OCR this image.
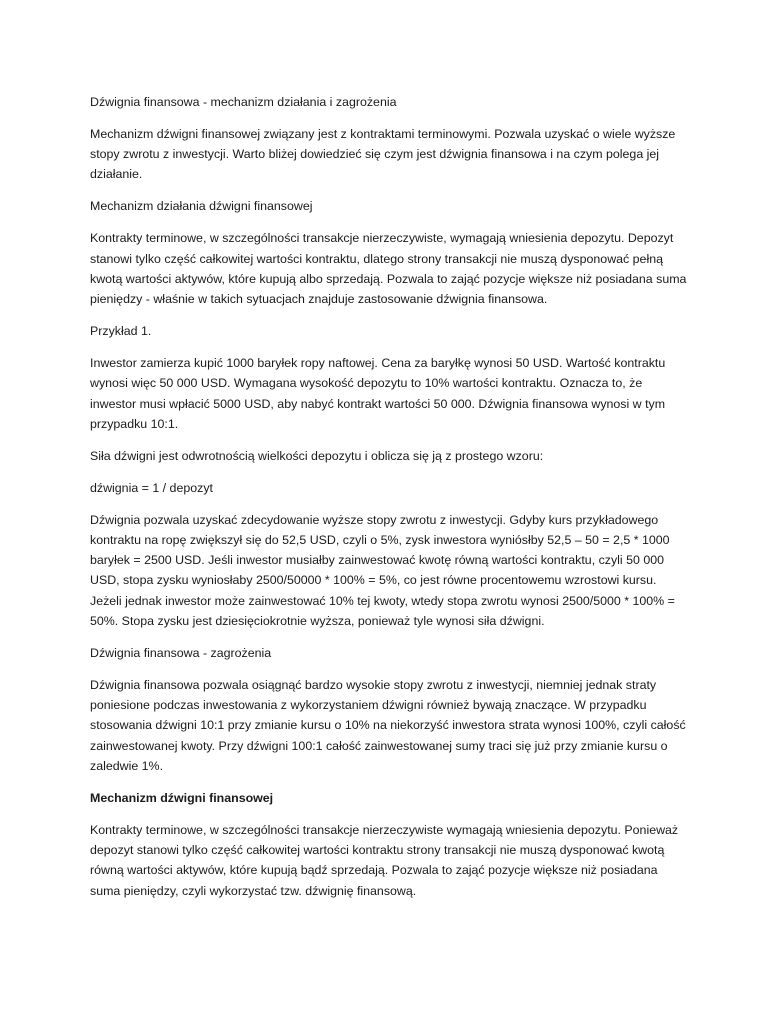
Dźwignia finansowa - mechanizm działania i zagrożenia

Mechanizm dźwigni finansowej związany jest z kontraktami terminowymi. Pozwala uzyskać o wiele wyższe stopy zwrotu z inwestycji. Warto bliżej dowiedzieć się czym jest dźwignia finansowa i na czym polega jej działanie.

Mechanizm działania dźwigni finansowej

Kontrakty terminowe, w szczególności transakcje nierzeczywiste, wymagają wniesienia depozytu. Depozyt stanowi tylko część całkowitej wartości kontraktu, dlatego strony transakcji nie muszą dysponować pełną kwotą wartości aktywów, które kupują albo sprzedają. Pozwala to zająć pozycje większe niż posiadana suma pieniędzy - właśnie w takich sytuacjach znajduje zastosowanie dźwignia finansowa.

Przykład 1.

Inwestor zamierza kupić 1000 baryłek ropy naftowej. Cena za baryłkę wynosi 50 USD. Wartość kontraktu wynosi więc 50 000 USD. Wymagana wysokość depozytu to 10% wartości kontraktu. Oznacza to, że inwestor musi wpłacić 5000 USD, aby nabyć kontrakt wartości 50 000. Dźwignia finansowa wynosi w tym przypadku 10:1.

Siła dźwigni jest odwrotnością wielkości depozytu i oblicza się ją z prostego wzoru:

dźwignia = 1 / depozyt

Dźwignia pozwala uzyskać zdecydowanie wyższe stopy zwrotu z inwestycji. Gdyby kurs przykładowego kontraktu na ropę zwiększył się do 52,5 USD, czyli o 5%, zysk inwestora wyniósłby 52,5 – 50 = 2,5 * 1000 baryłek = 2500 USD. Jeśli inwestor musiałby zainwestować kwotę równą wartości kontraktu, czyli 50 000 USD, stopa zysku wyniosłaby 2500/50000 * 100% = 5%, co jest równe procentowemu wzrostowi kursu. Jeżeli jednak inwestor może zainwestować 10% tej kwoty, wtedy stopa zwrotu wynosi 2500/5000 * 100% = 50%. Stopa zysku jest dziesięciokrotnie wyższa, ponieważ tyle wynosi siła dźwigni.

Dźwignia finansowa - zagrożenia

Dźwignia finansowa pozwala osiągnąć bardzo wysokie stopy zwrotu z inwestycji, niemniej jednak straty poniesione podczas inwestowania z wykorzystaniem dźwigni również bywają znaczące. W przypadku stosowania dźwigni 10:1 przy zmianie kursu o 10% na niekorzyść inwestora strata wynosi 100%, czyli całość zainwestowanej kwoty. Przy dźwigni 100:1 całość zainwestowanej sumy traci się już przy zmianie kursu o zaledwie 1%.

Mechanizm dźwigni finansowej

Kontrakty terminowe, w szczególności transakcje nierzeczywiste wymagają wniesienia depozytu. Ponieważ depozyt stanowi tylko część całkowitej wartości kontraktu strony transakcji nie muszą dysponować kwotą równą wartości aktywów, które kupują bądź sprzedają. Pozwala to zająć pozycje większe niż posiadana suma pieniędzy, czyli wykorzystać tzw. dźwignię finansową.
